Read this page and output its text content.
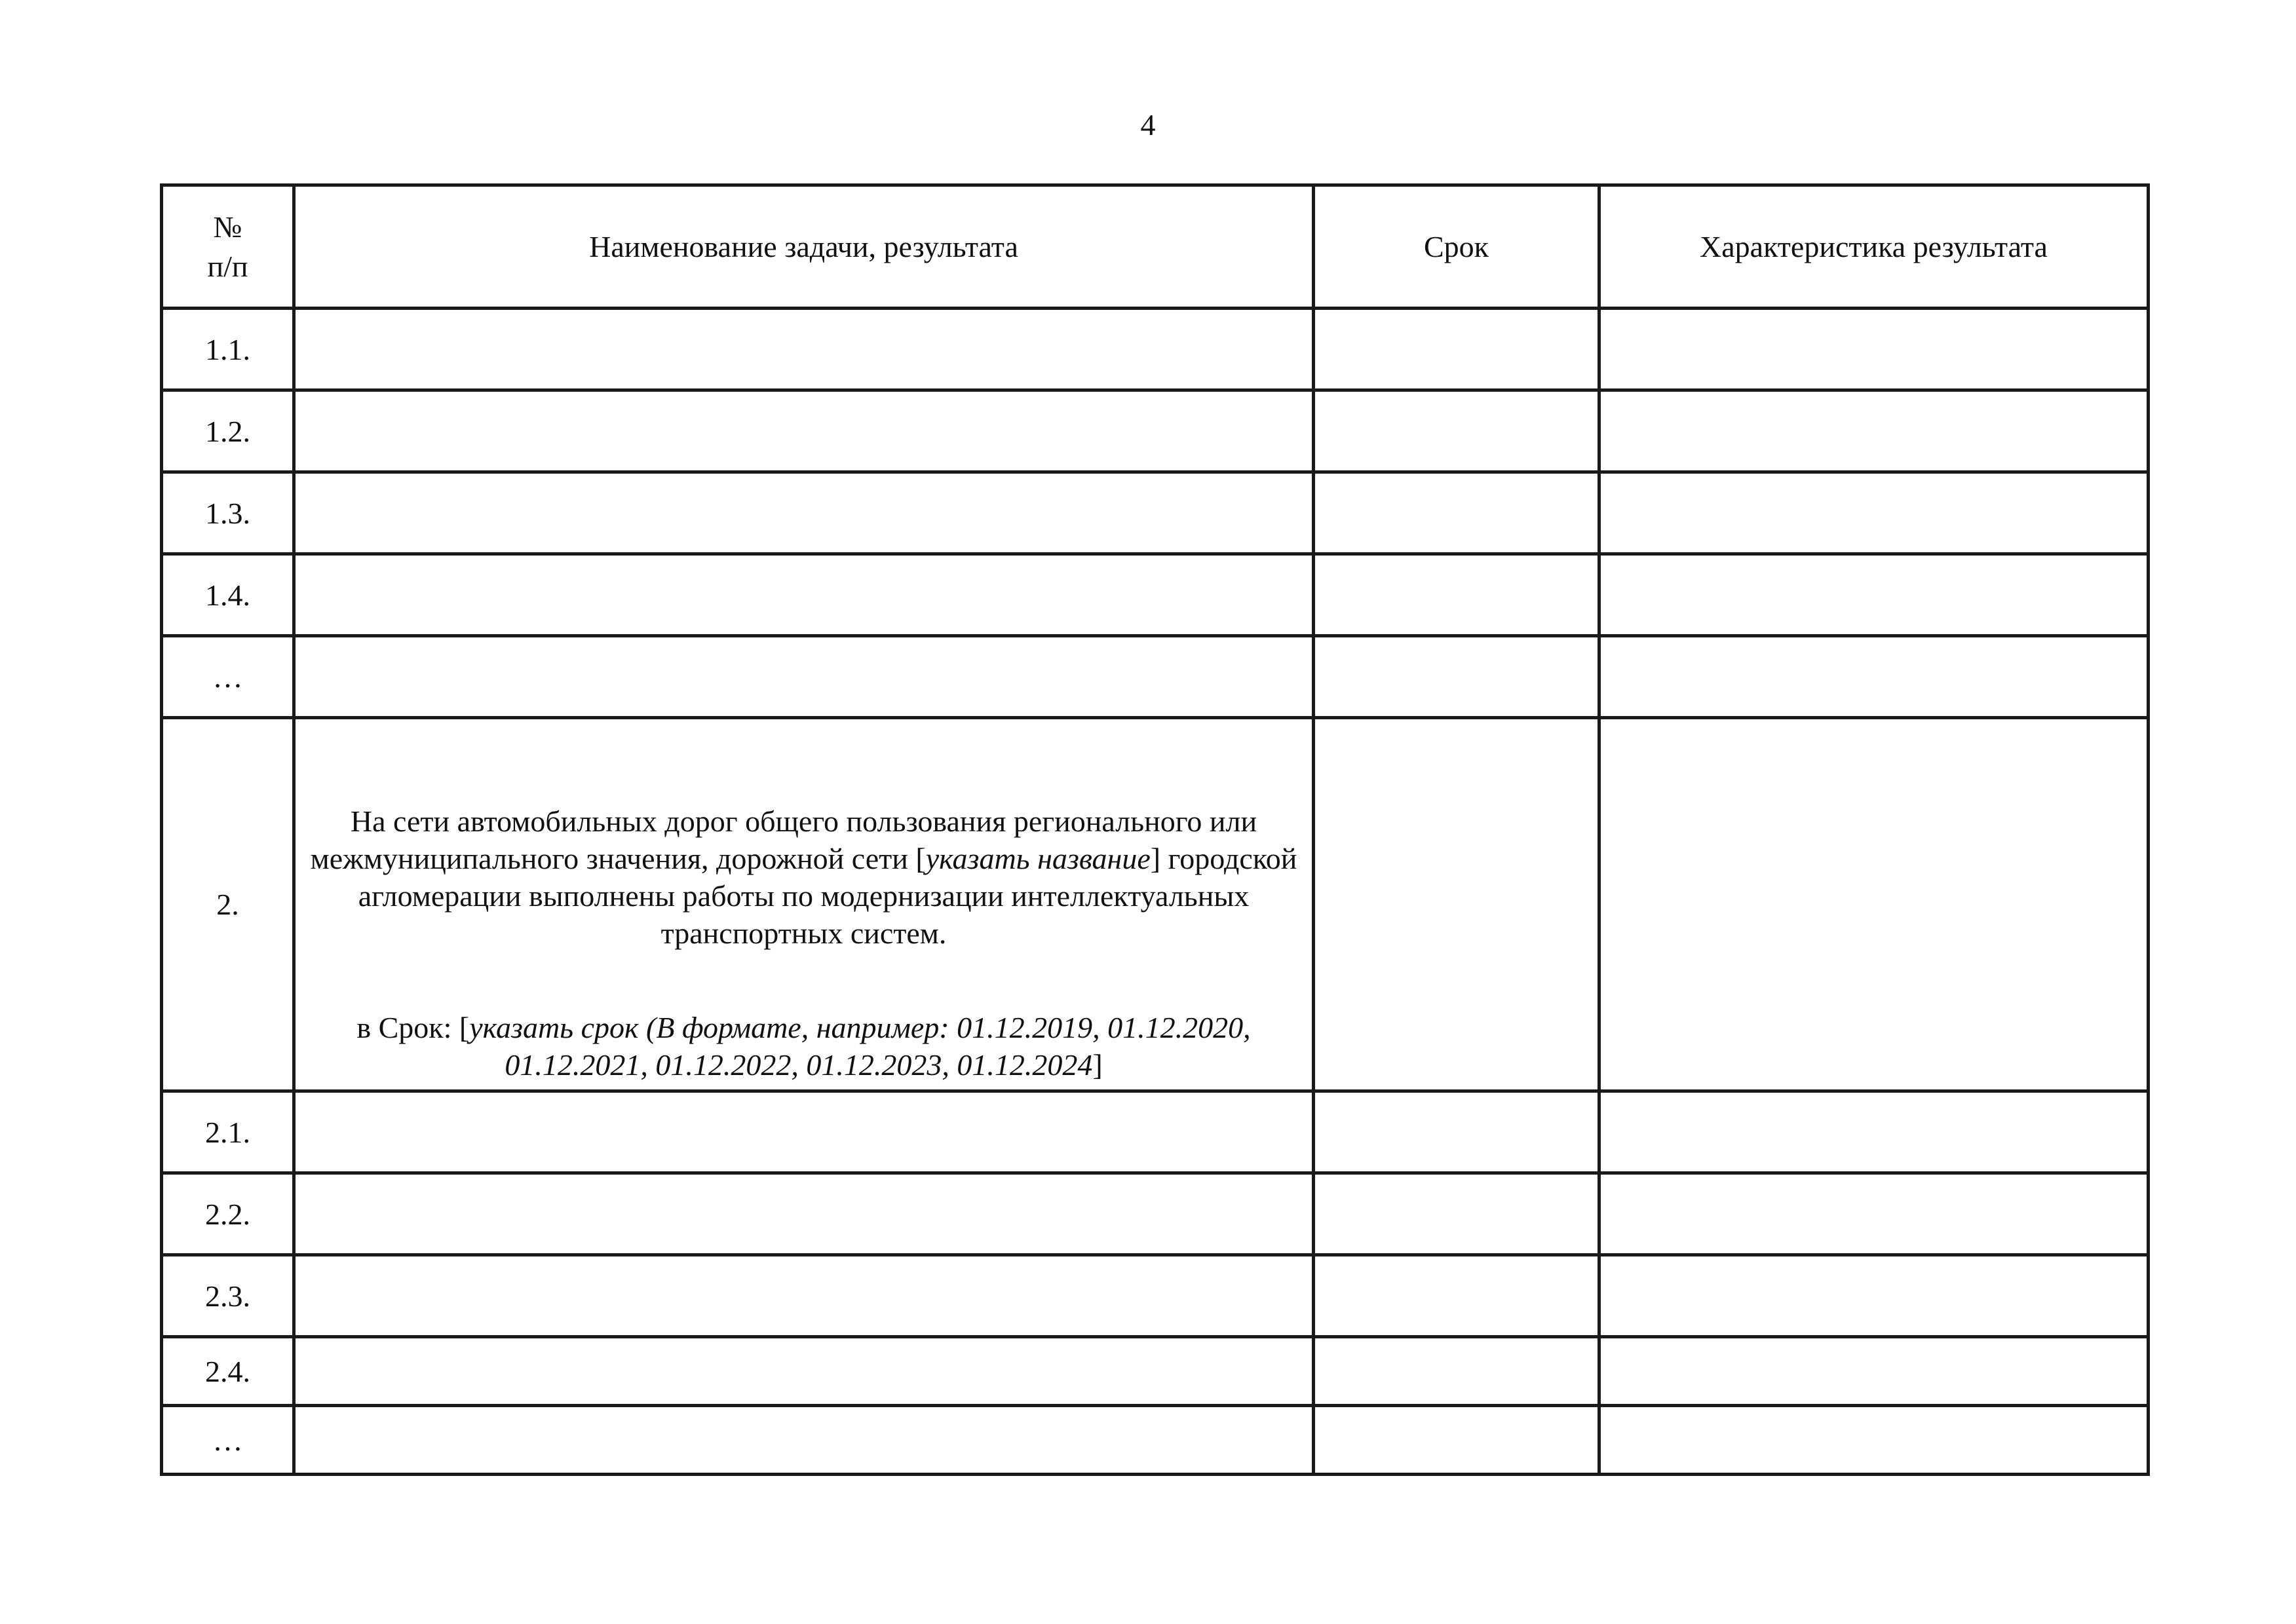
4
№
п/п	Наименование задачи, результата	Срок	Характеристика результата
1.1.			
1.2.			
1.3.			
1.4.			
…			
2.	На сети автомобильных дорог общего пользования регионального или межмуниципального значения, дорожной сети [указать название] городской агломерации выполнены работы по модернизации интеллектуальных транспортных систем.
в Срок: [указать срок (В формате, например: 01.12.2019, 01.12.2020, 01.12.2021, 01.12.2022, 01.12.2023, 01.12.2024]		

2.1.			
2.2.			
2.3.			
2.4.			
…			
